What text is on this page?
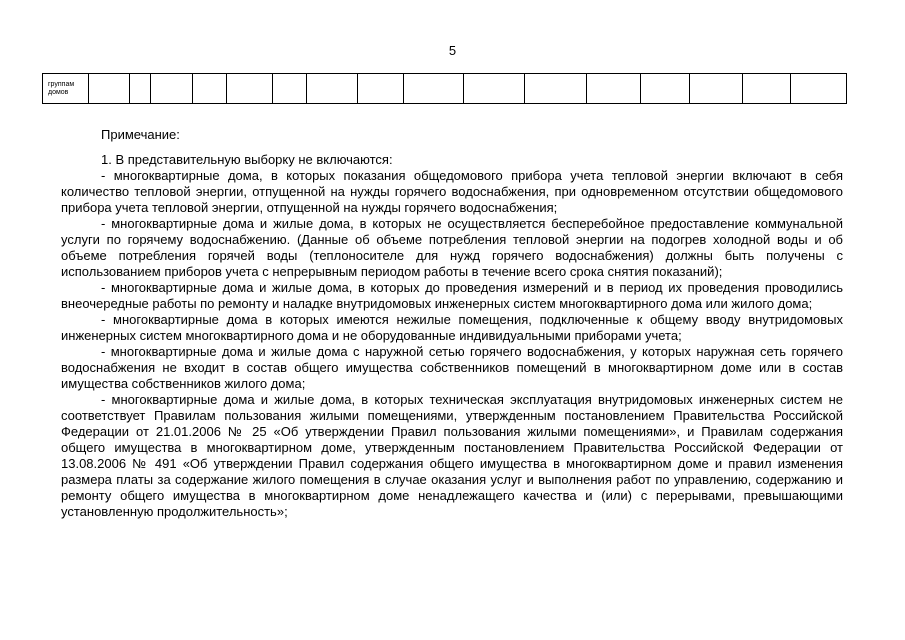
5
группам домов																
Примечание:

1. В представительную выборку не включаются:

- многоквартирные дома, в которых показания общедомового прибора учета тепловой энергии включают в себя количество тепловой энергии, отпущенной на нужды горячего водоснабжения, при одновременном отсутствии общедомового прибора учета тепловой энергии, отпущенной на нужды горячего водоснабжения;

- многоквартирные дома и жилые дома, в которых не осуществляется бесперебойное предоставление коммунальной услуги по горячему водоснабжению. (Данные об объеме потребления тепловой энергии на подогрев холодной воды и об объеме потребления горячей воды (теплоносителе для нужд горячего водоснабжения) должны быть получены с использованием приборов учета с непрерывным периодом работы в течение всего срока снятия показаний);

- многоквартирные дома и жилые дома, в которых до проведения измерений и в период их проведения проводились внеочередные работы по ремонту и наладке внутридомовых инженерных систем многоквартирного дома или жилого дома;

- многоквартирные дома в которых имеются нежилые помещения, подключенные к общему вводу внутридомовых инженерных систем многоквартирного дома и не оборудованные индивидуальными приборами учета;

- многоквартирные дома и жилые дома с наружной сетью горячего водоснабжения, у которых наружная сеть горячего водоснабжения не входит в состав общего имущества собственников помещений в многоквартирном доме или в состав имущества собственников жилого дома;

- многоквартирные дома и жилые дома, в которых техническая эксплуатация внутридомовых инженерных систем не соответствует Правилам пользования жилыми помещениями, утвержденным постановлением Правительства Российской Федерации от 21.01.2006 № 25 «Об утверждении Правил пользования жилыми помещениями», и Правилам содержания общего имущества в многоквартирном доме, утвержденным постановлением Правительства Российской Федерации от 13.08.2006 № 491 «Об утверждении Правил содержания общего имущества в многоквартирном доме и правил изменения размера платы за содержание жилого помещения в случае оказания услуг и выполнения работ по управлению, содержанию и ремонту общего имущества в многоквартирном доме ненадлежащего качества и (или) с перерывами, превышающими установленную продолжительность»;
